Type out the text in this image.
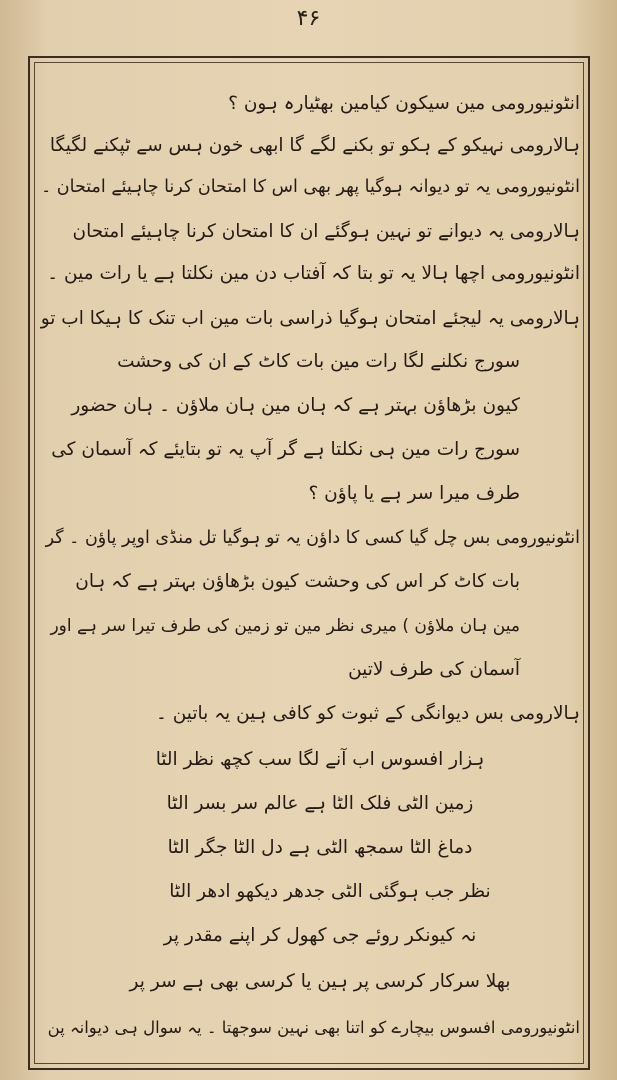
۴۶
انٹونیورومی مین سیکون کیامین بھٹیارہ ہون ؟
ہالارومی نہیکو کے ہکو تو بکنے لگے گا ابھی خون ہس سے ٹپکنے لگیگا
انٹونیورومی یہ تو دیوانہ ہوگیا پھر بھی اس کا امتحان کرنا چاہیئے امتحان ۔
ہالارومی یہ دیوانے تو نہین ہوگئے ان کا امتحان کرنا چاہیئے امتحان
انٹونیورومی اچھا ہالا یہ تو بتا کہ آفتاب دن مین نکلتا ہے یا رات مین ۔
ہالارومی یہ لیجئے امتحان ہوگیا ذراسی بات مین اب تنک کا ہیکا اب تو
سورج نکلنے لگا رات مین بات کاٹ کے ان کی وحشت
کیون بڑھاؤن بہتر ہے کہ ہان مین ہان ملاؤن ۔ ہان حضور
سورج رات مین ہی نکلتا ہے گر آپ یہ تو بتایئے کہ آسمان کی
طرف میرا سر ہے یا پاؤن ؟
انٹونیورومی بس چل گیا کسی کا داؤن یہ تو ہوگیا تل منڈی اوپر پاؤن ۔ گر
بات کاٹ کر اس کی وحشت کیون بڑھاؤن بہتر ہے کہ ہان
مین ہان ملاؤن ) میری نظر مین تو زمین کی طرف تیرا سر ہے اور
آسمان کی طرف لاتین
ہالارومی بس دیوانگی کے ثبوت کو کافی ہین یہ باتین ۔
ہزار افسوس اب آنے لگا سب کچھ نظر الٹا
زمین الٹی فلک الٹا ہے عالم سر بسر الٹا
دماغ الٹا سمجھ الٹی ہے دل الٹا جگر الٹا
نظر جب ہوگئی الٹی جدھر دیکھو ادھر الٹا
نہ کیونکر روئے جی کھول کر اپنے مقدر پر
بھلا سرکار کرسی پر ہین یا کرسی بھی ہے سر پر
انٹونیورومی افسوس بیچارے کو اتنا بھی نہین سوجھتا ۔ یہ سوال ہی دیوانہ پن
